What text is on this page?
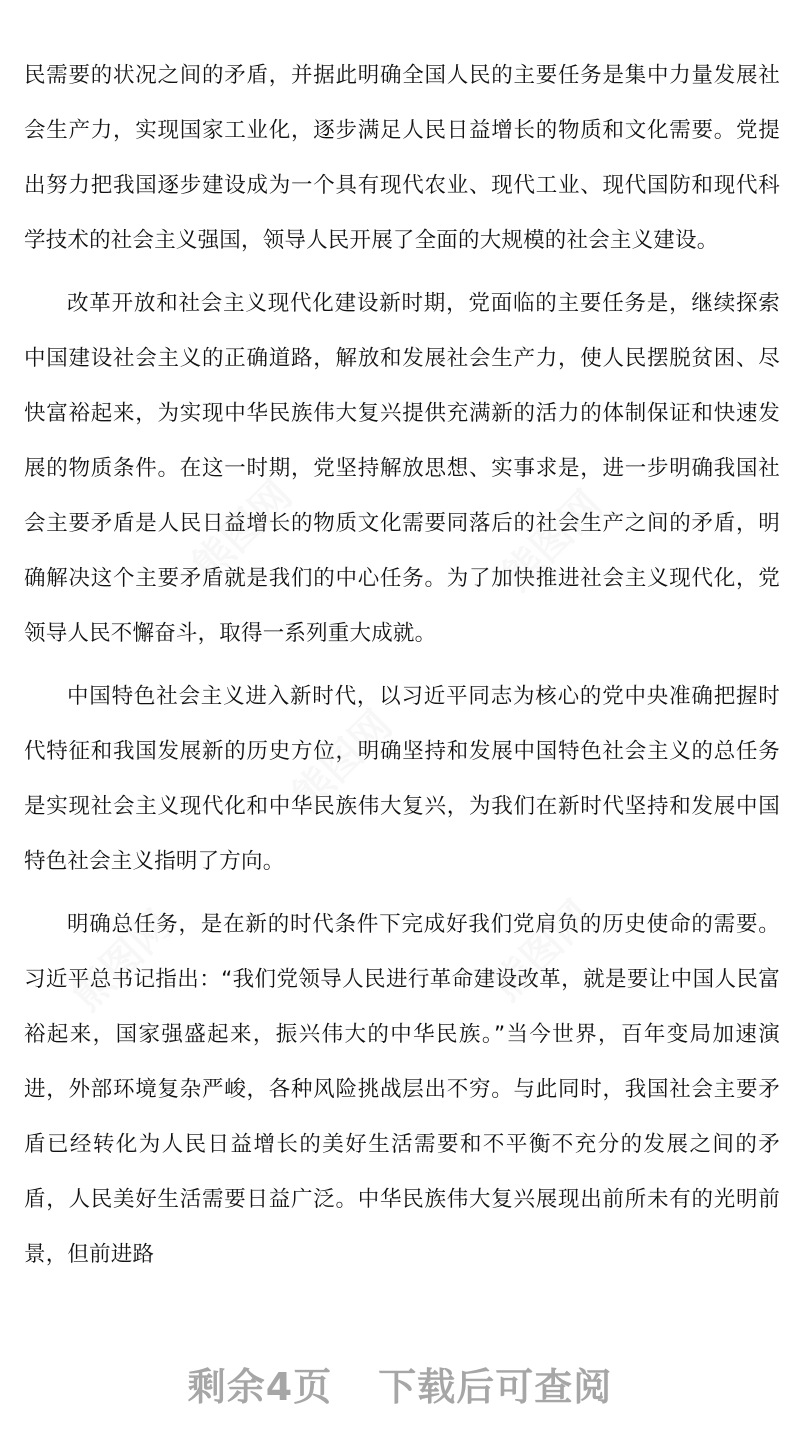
民需要的状况之间的矛盾，并据此明确全国人民的主要任务是集中力量发展社会生产力，实现国家工业化，逐步满足人民日益增长的物质和文化需要。党提出努力把我国逐步建设成为一个具有现代农业、现代工业、现代国防和现代科学技术的社会主义强国，领导人民开展了全面的大规模的社会主义建设。

改革开放和社会主义现代化建设新时期，党面临的主要任务是，继续探索中国建设社会主义的正确道路，解放和发展社会生产力，使人民摆脱贫困、尽快富裕起来，为实现中华民族伟大复兴提供充满新的活力的体制保证和快速发展的物质条件。在这一时期，党坚持解放思想、实事求是，进一步明确我国社会主要矛盾是人民日益增长的物质文化需要同落后的社会生产之间的矛盾，明确解决这个主要矛盾就是我们的中心任务。为了加快推进社会主义现代化，党领导人民不懈奋斗，取得一系列重大成就。

中国特色社会主义进入新时代，以习近平同志为核心的党中央准确把握时代特征和我国发展新的历史方位，明确坚持和发展中国特色社会主义的总任务是实现社会主义现代化和中华民族伟大复兴，为我们在新时代坚持和发展中国特色社会主义指明了方向。

明确总任务，是在新的时代条件下完成好我们党肩负的历史使命的需要。习近平总书记指出：“我们党领导人民进行革命建设改革，就是要让中国人民富裕起来，国家强盛起来，振兴伟大的中华民族。”当今世界，百年变局加速演进，外部环境复杂严峻，各种风险挑战层出不穷。与此同时，我国社会主要矛盾已经转化为人民日益增长的美好生活需要和不平衡不充分的发展之间的矛盾，人民美好生活需要日益广泛。中华民族伟大复兴展现出前所未有的光明前景，但前进路

熊图网	熊图网
熊图网
熊图网	熊图网
剩余4页 下载后可查阅
